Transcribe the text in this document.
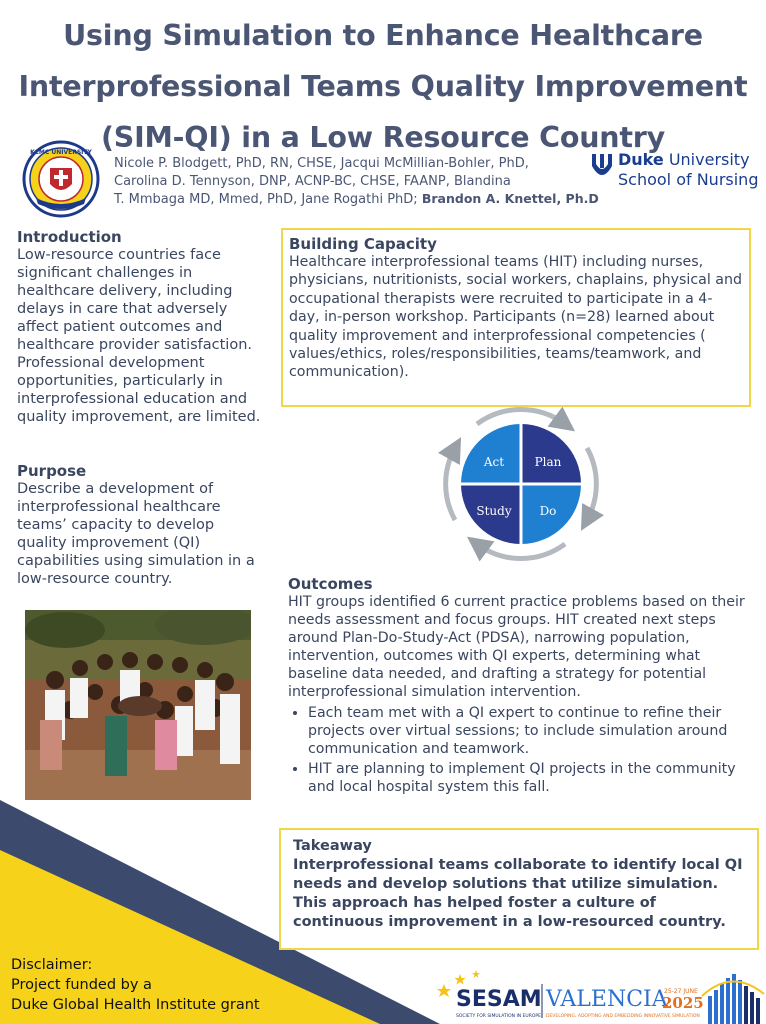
Using Simulation to Enhance Healthcare
Interprofessional Teams Quality Improvement
(SIM-QI) in a Low Resource Country
KCMC UNIVERSITY
Nicole P. Blodgett, PhD, RN, CHSE, Jacqui McMillian-Bohler, PhD,
Carolina D. Tennyson, DNP, ACNP-BC, CHSE, FAANP, Blandina
T. Mmbaga MD, Mmed, PhD, Jane Rogathi PhD; Brandon A. Knettel, Ph.D
Duke University
School of Nursing
Introduction

Low-resource countries face significant challenges in healthcare delivery, including delays in care that adversely affect patient outcomes and healthcare provider satisfaction. Professional development opportunities, particularly in interprofessional education and quality improvement, are limited.

Purpose

Describe a development of interprofessional healthcare teams’ capacity to develop quality improvement (QI) capabilities using simulation in a low-resource country.

Building Capacity

Healthcare interprofessional teams (HIT) including nurses, physicians, nutritionists, social workers, chaplains, physical and occupational therapists were recruited to participate in a 4-day, in-person workshop. Participants (n=28) learned about quality improvement and interprofessional competencies ( values/ethics, roles/responsibilities, teams/teamwork, and communication).

Act	Plan
Study Do
Outcomes

HIT groups identified 6 current practice problems based on their needs assessment and focus groups. HIT created next steps around Plan-Do-Study-Act (PDSA), narrowing population, intervention, outcomes with QI experts, determining what baseline data needed, and drafting a strategy for potential interprofessional simulation intervention.

• Each team met with a QI expert to continue to refine their projects over virtual sessions; to include simulation around communication and teamwork.
• HIT are planning to implement QI projects in the community and local hospital system this fall.
Takeaway

Interprofessional teams collaborate to identify local QI needs and develop solutions that utilize simulation. This approach has helped foster a culture of continuous improvement in a low-resourced country.

Disclaimer:
Project funded by a
Duke Global Health Institute grant	SESAM
SOCIETY FOR SIMULATION IN EUROPE
VALENCIA
DEVELOPING, ADOPTING AND EMBEDDING INNOVATIVE SIMULATION
25-27 JUNE
2025
